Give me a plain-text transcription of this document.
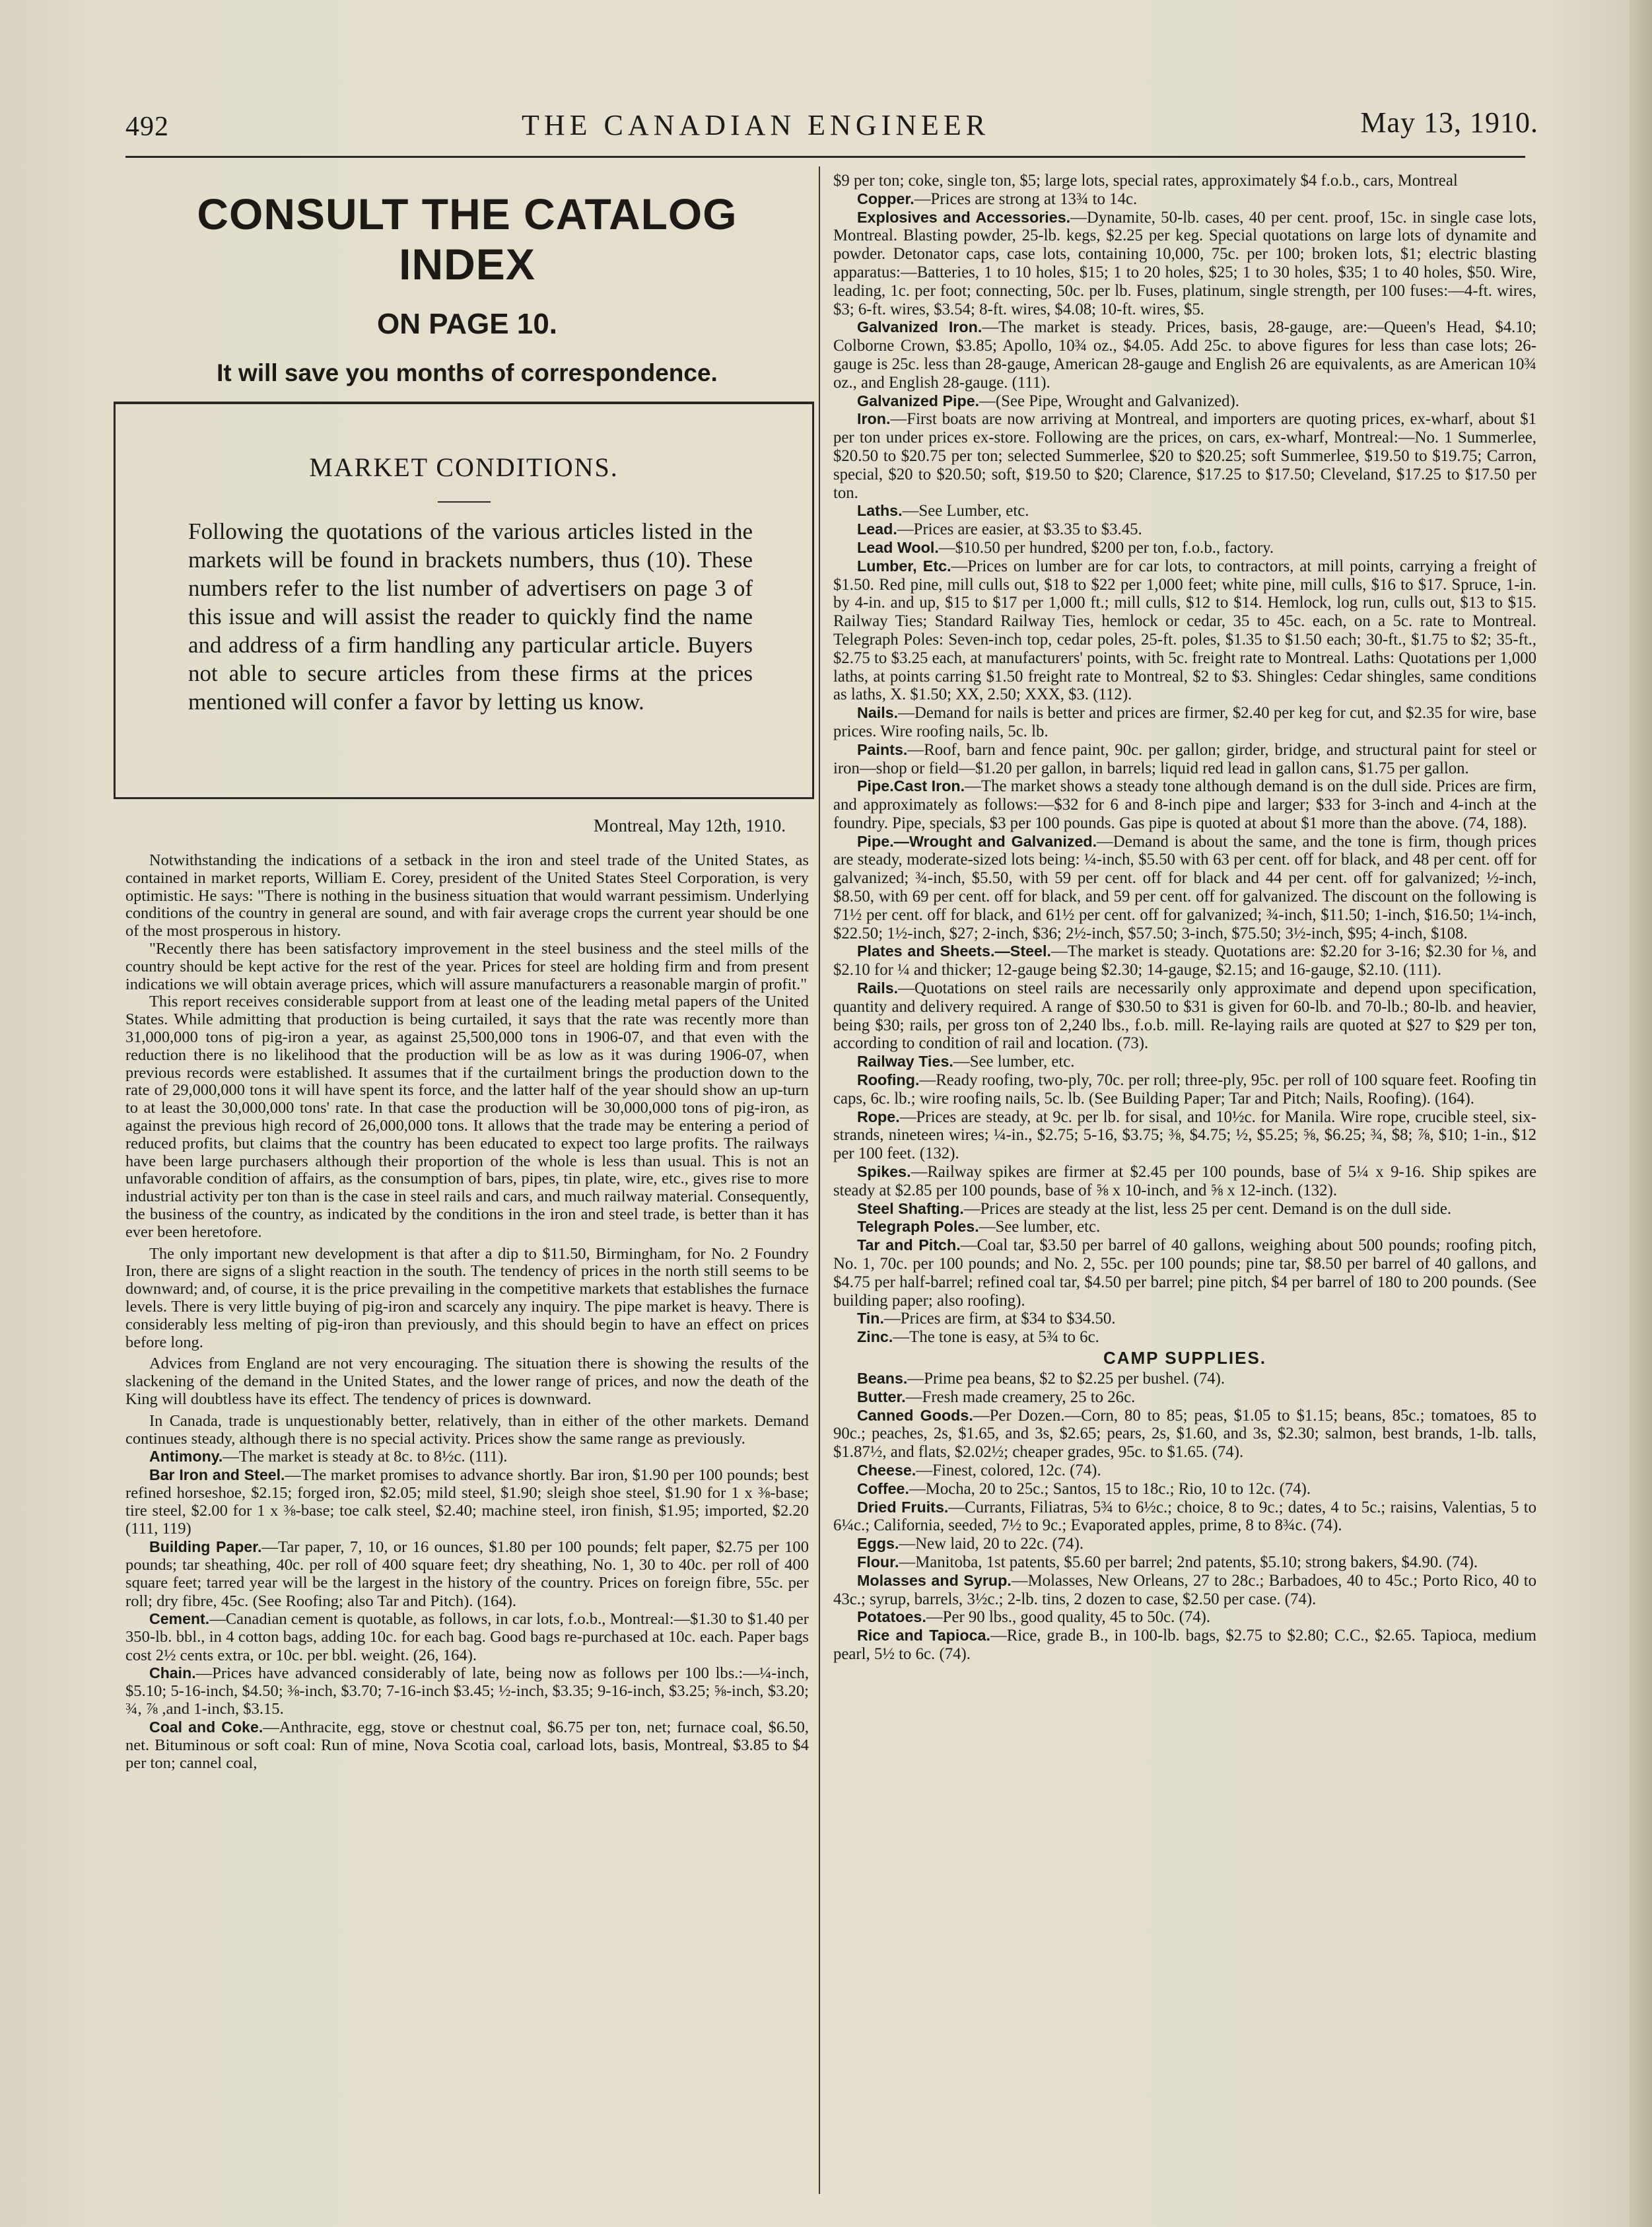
492	THE CANADIAN ENGINEER	May 13, 1910.
CONSULT THE CATALOG INDEX
ON PAGE 10.
It will save you months of correspondence.
MARKET CONDITIONS.
Following the quotations of the various articles listed in the markets will be found in brackets numbers, thus (10). These numbers refer to the list number of advertisers on page 3 of this issue and will assist the reader to quickly find the name and address of a firm handling any particular article. Buyers not able to secure articles from these firms at the prices mentioned will confer a favor by letting us know.
Montreal, May 12th, 1910.

Notwithstanding the indications of a setback in the iron and steel trade of the United States, as contained in market reports, William E. Corey, president of the United States Steel Corporation, is very optimistic. He says: "There is nothing in the business situation that would warrant pessimism. Underlying conditions of the country in general are sound, and with fair average crops the current year should be one of the most prosperous in history.

"Recently there has been satisfactory improvement in the steel business and the steel mills of the country should be kept active for the rest of the year. Prices for steel are holding firm and from present indications we will obtain average prices, which will assure manufacturers a reasonable margin of profit."

This report receives considerable support from at least one of the leading metal papers of the United States. While admitting that production is being curtailed, it says that the rate was recently more than 31,000,000 tons of pig-iron a year, as against 25,500,000 tons in 1906-07, and that even with the reduction there is no likelihood that the production will be as low as it was during 1906-07, when previous records were established. It assumes that if the curtailment brings the production down to the rate of 29,000,000 tons it will have spent its force, and the latter half of the year should show an up-turn to at least the 30,000,000 tons' rate. In that case the production will be 30,000,000 tons of pig-iron, as against the previous high record of 26,000,000 tons. It allows that the trade may be entering a period of reduced profits, but claims that the country has been educated to expect too large profits. The railways have been large purchasers although their proportion of the whole is less than usual. This is not an unfavorable condition of affairs, as the consumption of bars, pipes, tin plate, wire, etc., gives rise to more industrial activity per ton than is the case in steel rails and cars, and much railway material. Consequently, the business of the country, as indicated by the conditions in the iron and steel trade, is better than it has ever been heretofore.

The only important new development is that after a dip to $11.50, Birmingham, for No. 2 Foundry Iron, there are signs of a slight reaction in the south. The tendency of prices in the north still seems to be downward; and, of course, it is the price prevailing in the competitive markets that establishes the furnace levels. There is very little buying of pig-iron and scarcely any inquiry. The pipe market is heavy. There is considerably less melting of pig-iron than previously, and this should begin to have an effect on prices before long.

Advices from England are not very encouraging. The situation there is showing the results of the slackening of the demand in the United States, and the lower range of prices, and now the death of the King will doubtless have its effect. The tendency of prices is downward.

In Canada, trade is unquestionably better, relatively, than in either of the other markets. Demand continues steady, although there is no special activity. Prices show the same range as previously.

Antimony.—The market is steady at 8c. to 8½c. (111).

Bar Iron and Steel.—The market promises to advance shortly. Bar iron, $1.90 per 100 pounds; best refined horseshoe, $2.15; forged iron, $2.05; mild steel, $1.90; sleigh shoe steel, $1.90 for 1 x ⅜-base; tire steel, $2.00 for 1 x ⅜-base; toe calk steel, $2.40; machine steel, iron finish, $1.95; imported, $2.20 (111, 119)

Building Paper.—Tar paper, 7, 10, or 16 ounces, $1.80 per 100 pounds; felt paper, $2.75 per 100 pounds; tar sheathing, 40c. per roll of 400 square feet; dry sheathing, No. 1, 30 to 40c. per roll of 400 square feet; tarred year will be the largest in the history of the country. Prices on foreign fibre, 55c. per roll; dry fibre, 45c. (See Roofing; also Tar and Pitch). (164).

Cement.—Canadian cement is quotable, as follows, in car lots, f.o.b., Montreal:—$1.30 to $1.40 per 350-lb. bbl., in 4 cotton bags, adding 10c. for each bag. Good bags re-purchased at 10c. each. Paper bags cost 2½ cents extra, or 10c. per bbl. weight. (26, 164).

Chain.—Prices have advanced considerably of late, being now as follows per 100 lbs.:—¼-inch, $5.10; 5-16-inch, $4.50; ⅜-inch, $3.70; 7-16-inch $3.45; ½-inch, $3.35; 9-16-inch, $3.25; ⅝-inch, $3.20; ¾, ⅞ ,and 1-inch, $3.15.

Coal and Coke.—Anthracite, egg, stove or chestnut coal, $6.75 per ton, net; furnace coal, $6.50, net. Bituminous or soft coal: Run of mine, Nova Scotia coal, carload lots, basis, Montreal, $3.85 to $4 per ton; cannel coal,

$9 per ton; coke, single ton, $5; large lots, special rates, approximately $4 f.o.b., cars, Montreal

Copper.—Prices are strong at 13¾ to 14c.

Explosives and Accessories.—Dynamite, 50-lb. cases, 40 per cent. proof, 15c. in single case lots, Montreal. Blasting powder, 25-lb. kegs, $2.25 per keg. Special quotations on large lots of dynamite and powder. Detonator caps, case lots, containing 10,000, 75c. per 100; broken lots, $1; electric blasting apparatus:—Batteries, 1 to 10 holes, $15; 1 to 20 holes, $25; 1 to 30 holes, $35; 1 to 40 holes, $50. Wire, leading, 1c. per foot; connecting, 50c. per lb. Fuses, platinum, single strength, per 100 fuses:—4-ft. wires, $3; 6-ft. wires, $3.54; 8-ft. wires, $4.08; 10-ft. wires, $5.

Galvanized Iron.—The market is steady. Prices, basis, 28-gauge, are:—Queen's Head, $4.10; Colborne Crown, $3.85; Apollo, 10¾ oz., $4.05. Add 25c. to above figures for less than case lots; 26-gauge is 25c. less than 28-gauge, American 28-gauge and English 26 are equivalents, as are American 10¾ oz., and English 28-gauge. (111).

Galvanized Pipe.—(See Pipe, Wrought and Galvanized).

Iron.—First boats are now arriving at Montreal, and importers are quoting prices, ex-wharf, about $1 per ton under prices ex-store. Following are the prices, on cars, ex-wharf, Montreal:—No. 1 Summerlee, $20.50 to $20.75 per ton; selected Summerlee, $20 to $20.25; soft Summerlee, $19.50 to $19.75; Carron, special, $20 to $20.50; soft, $19.50 to $20; Clarence, $17.25 to $17.50; Cleveland, $17.25 to $17.50 per ton.

Laths.—See Lumber, etc.

Lead.—Prices are easier, at $3.35 to $3.45.

Lead Wool.—$10.50 per hundred, $200 per ton, f.o.b., factory.

Lumber, Etc.—Prices on lumber are for car lots, to contractors, at mill points, carrying a freight of $1.50. Red pine, mill culls out, $18 to $22 per 1,000 feet; white pine, mill culls, $16 to $17. Spruce, 1-in. by 4-in. and up, $15 to $17 per 1,000 ft.; mill culls, $12 to $14. Hemlock, log run, culls out, $13 to $15. Railway Ties; Standard Railway Ties, hemlock or cedar, 35 to 45c. each, on a 5c. rate to Montreal. Telegraph Poles: Seven-inch top, cedar poles, 25-ft. poles, $1.35 to $1.50 each; 30-ft., $1.75 to $2; 35-ft., $2.75 to $3.25 each, at manufacturers' points, with 5c. freight rate to Montreal. Laths: Quotations per 1,000 laths, at points carring $1.50 freight rate to Montreal, $2 to $3. Shingles: Cedar shingles, same conditions as laths, X. $1.50; XX, 2.50; XXX, $3. (112).

Nails.—Demand for nails is better and prices are firmer, $2.40 per keg for cut, and $2.35 for wire, base prices. Wire roofing nails, 5c. lb.

Paints.—Roof, barn and fence paint, 90c. per gallon; girder, bridge, and structural paint for steel or iron—shop or field—$1.20 per gallon, in barrels; liquid red lead in gallon cans, $1.75 per gallon.

Pipe.Cast Iron.—The market shows a steady tone although demand is on the dull side. Prices are firm, and approximately as follows:—$32 for 6 and 8-inch pipe and larger; $33 for 3-inch and 4-inch at the foundry. Pipe, specials, $3 per 100 pounds. Gas pipe is quoted at about $1 more than the above. (74, 188).

Pipe.—Wrought and Galvanized.—Demand is about the same, and the tone is firm, though prices are steady, moderate-sized lots being: ¼-inch, $5.50 with 63 per cent. off for black, and 48 per cent. off for galvanized; ¾-inch, $5.50, with 59 per cent. off for black and 44 per cent. off for galvanized; ½-inch, $8.50, with 69 per cent. off for black, and 59 per cent. off for galvanized. The discount on the following is 71½ per cent. off for black, and 61½ per cent. off for galvanized; ¾-inch, $11.50; 1-inch, $16.50; 1¼-inch, $22.50; 1½-inch, $27; 2-inch, $36; 2½-inch, $57.50; 3-inch, $75.50; 3½-inch, $95; 4-inch, $108.

Plates and Sheets.—Steel.—The market is steady. Quotations are: $2.20 for 3-16; $2.30 for ⅛, and $2.10 for ¼ and thicker; 12-gauge being $2.30; 14-gauge, $2.15; and 16-gauge, $2.10. (111).

Rails.—Quotations on steel rails are necessarily only approximate and depend upon specification, quantity and delivery required. A range of $30.50 to $31 is given for 60-lb. and 70-lb.; 80-lb. and heavier, being $30; rails, per gross ton of 2,240 lbs., f.o.b. mill. Re-laying rails are quoted at $27 to $29 per ton, according to condition of rail and location. (73).

Railway Ties.—See lumber, etc.

Roofing.—Ready roofing, two-ply, 70c. per roll; three-ply, 95c. per roll of 100 square feet. Roofing tin caps, 6c. lb.; wire roofing nails, 5c. lb. (See Building Paper; Tar and Pitch; Nails, Roofing). (164).

Rope.—Prices are steady, at 9c. per lb. for sisal, and 10½c. for Manila. Wire rope, crucible steel, six-strands, nineteen wires; ¼-in., $2.75; 5-16, $3.75; ⅜, $4.75; ½, $5.25; ⅝, $6.25; ¾, $8; ⅞, $10; 1-in., $12 per 100 feet. (132).

Spikes.—Railway spikes are firmer at $2.45 per 100 pounds, base of 5¼ x 9-16. Ship spikes are steady at $2.85 per 100 pounds, base of ⅝ x 10-inch, and ⅝ x 12-inch. (132).

Steel Shafting.—Prices are steady at the list, less 25 per cent. Demand is on the dull side.

Telegraph Poles.—See lumber, etc.

Tar and Pitch.—Coal tar, $3.50 per barrel of 40 gallons, weighing about 500 pounds; roofing pitch, No. 1, 70c. per 100 pounds; and No. 2, 55c. per 100 pounds; pine tar, $8.50 per barrel of 40 gallons, and $4.75 per half-barrel; refined coal tar, $4.50 per barrel; pine pitch, $4 per barrel of 180 to 200 pounds. (See building paper; also roofing).

Tin.—Prices are firm, at $34 to $34.50.

Zinc.—The tone is easy, at 5¾ to 6c.

CAMP SUPPLIES.

Beans.—Prime pea beans, $2 to $2.25 per bushel. (74).

Butter.—Fresh made creamery, 25 to 26c.

Canned Goods.—Per Dozen.—Corn, 80 to 85; peas, $1.05 to $1.15; beans, 85c.; tomatoes, 85 to 90c.; peaches, 2s, $1.65, and 3s, $2.65; pears, 2s, $1.60, and 3s, $2.30; salmon, best brands, 1-lb. talls, $1.87½, and flats, $2.02½; cheaper grades, 95c. to $1.65. (74).

Cheese.—Finest, colored, 12c. (74).

Coffee.—Mocha, 20 to 25c.; Santos, 15 to 18c.; Rio, 10 to 12c. (74).

Dried Fruits.—Currants, Filiatras, 5¾ to 6½c.; choice, 8 to 9c.; dates, 4 to 5c.; raisins, Valentias, 5 to 6¼c.; California, seeded, 7½ to 9c.; Evaporated apples, prime, 8 to 8¾c. (74).

Eggs.—New laid, 20 to 22c. (74).

Flour.—Manitoba, 1st patents, $5.60 per barrel; 2nd patents, $5.10; strong bakers, $4.90. (74).

Molasses and Syrup.—Molasses, New Orleans, 27 to 28c.; Barbadoes, 40 to 45c.; Porto Rico, 40 to 43c.; syrup, barrels, 3½c.; 2-lb. tins, 2 dozen to case, $2.50 per case. (74).

Potatoes.—Per 90 lbs., good quality, 45 to 50c. (74).

Rice and Tapioca.—Rice, grade B., in 100-lb. bags, $2.75 to $2.80; C.C., $2.65. Tapioca, medium pearl, 5½ to 6c. (74).
